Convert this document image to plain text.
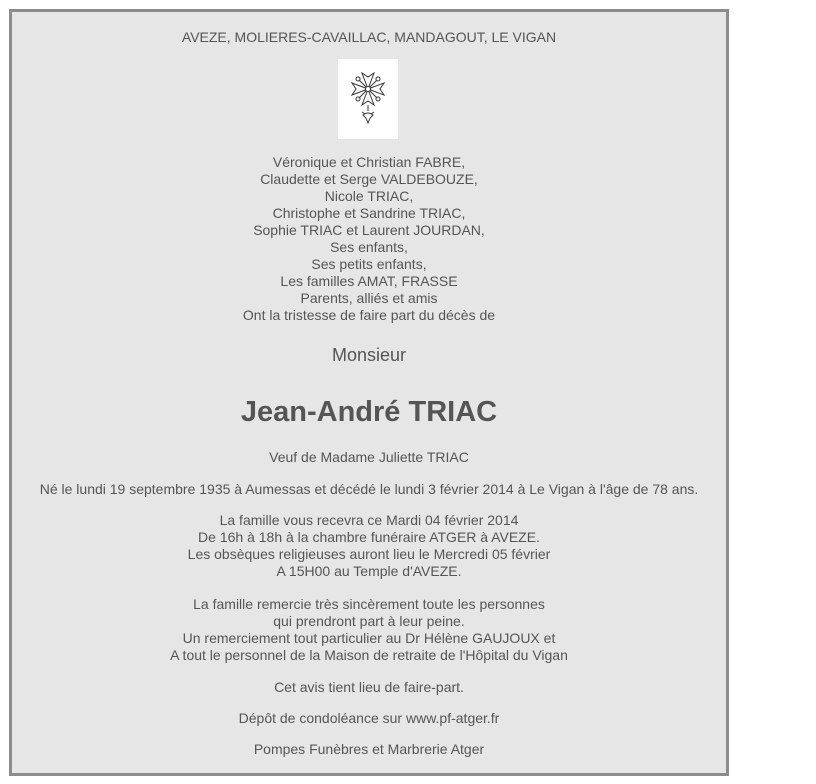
AVEZE, MOLIERES-CAVAILLAC, MANDAGOUT, LE VIGAN
Véronique et Christian FABRE,
Claudette et Serge VALDEBOUZE,
Nicole TRIAC,
Christophe et Sandrine TRIAC,
Sophie TRIAC et Laurent JOURDAN,
Ses enfants,
Ses petits enfants,
Les familles AMAT, FRASSE
Parents, alliés et amis
Ont la tristesse de faire part du décès de
Monsieur
Jean-André TRIAC
Veuf de Madame Juliette TRIAC
Né le lundi 19 septembre 1935 à Aumessas et décédé le lundi 3 février 2014 à Le Vigan à l'âge de 78 ans.
La famille vous recevra ce Mardi 04 février 2014
De 16h à 18h à la chambre funéraire ATGER à AVEZE.
Les obsèques religieuses auront lieu le Mercredi 05 février
A 15H00 au Temple d'AVEZE.
La famille remercie très sincèrement toute les personnes
qui prendront part à leur peine.
Un remerciement tout particulier au Dr Hélène GAUJOUX et
A tout le personnel de la Maison de retraite de l'Hôpital du Vigan
Cet avis tient lieu de faire-part.
Dépôt de condoléance sur www.pf-atger.fr
Pompes Funèbres et Marbrerie Atger
